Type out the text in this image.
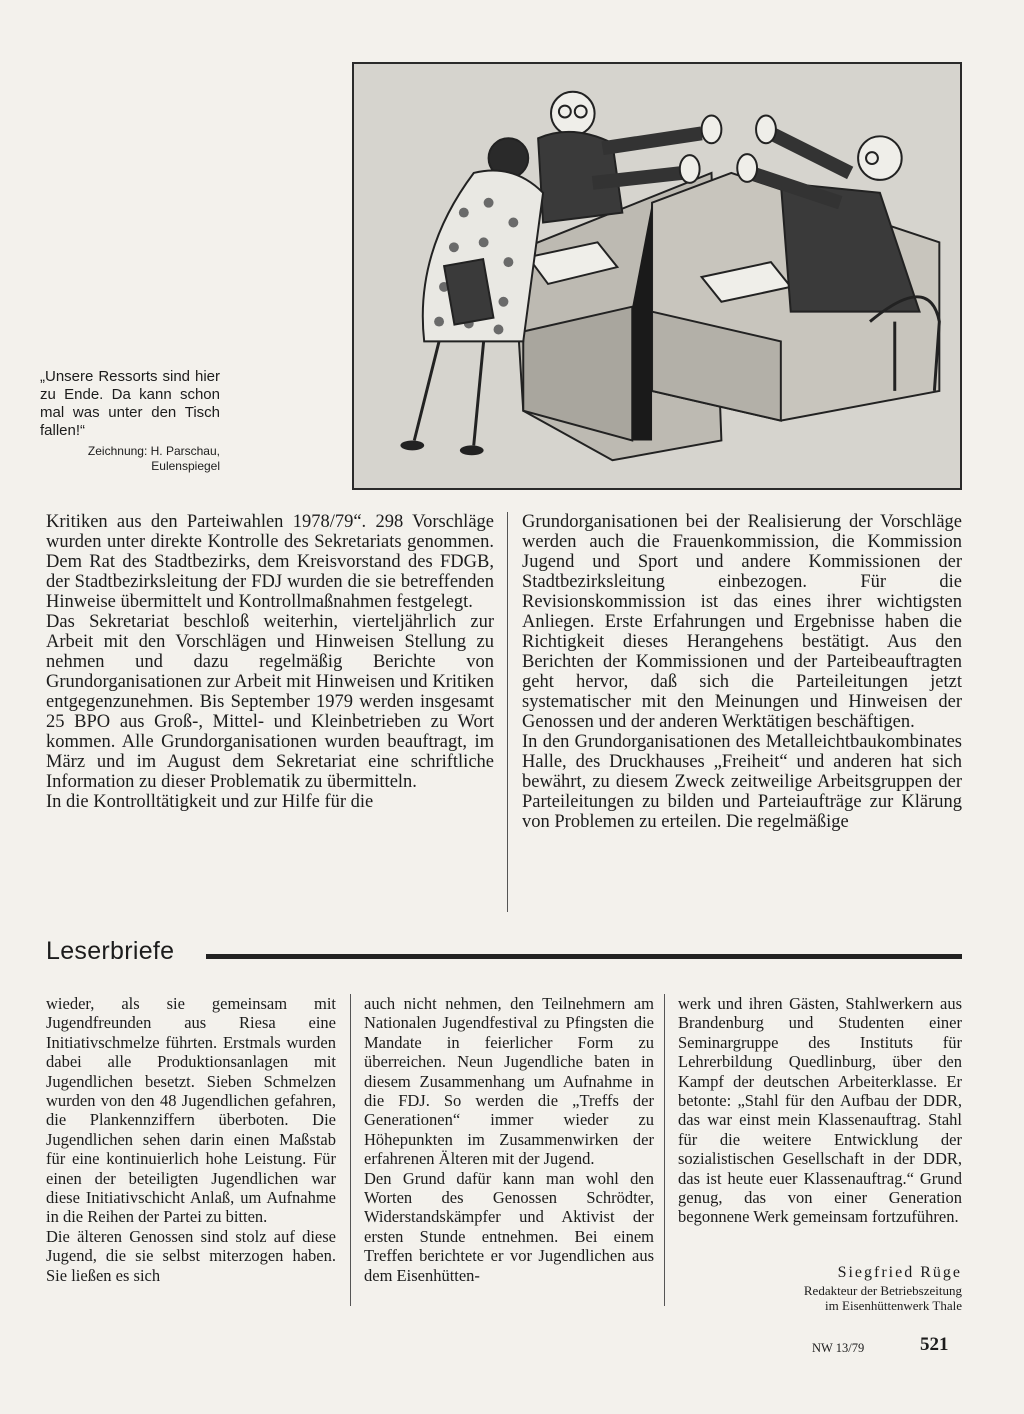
„Unsere Ressorts sind hier zu Ende. Da kann schon mal was unter den Tisch fallen!“

Zeichnung: H. Parschau,
Eulenspiegel

Kritiken aus den Parteiwahlen 1978/79“. 298 Vorschläge wurden unter direkte Kontrolle des Sekretariats genommen. Dem Rat des Stadtbezirks, dem Kreisvorstand des FDGB, der Stadtbezirksleitung der FDJ wurden die sie betreffenden Hinweise übermittelt und Kontrollmaßnahmen festgelegt.

Das Sekretariat beschloß weiterhin, vierteljährlich zur Arbeit mit den Vorschlägen und Hinweisen Stellung zu nehmen und dazu regelmäßig Berichte von Grundorganisationen zur Arbeit mit Hinweisen und Kritiken entgegenzunehmen. Bis September 1979 werden insgesamt 25 BPO aus Groß-, Mittel- und Kleinbetrieben zu Wort kommen. Alle Grundorganisationen wurden beauftragt, im März und im August dem Sekretariat eine schriftliche Information zu dieser Problematik zu übermitteln.

In die Kontrolltätigkeit und zur Hilfe für die

Grundorganisationen bei der Realisierung der Vorschläge werden auch die Frauenkommission, die Kommission Jugend und Sport und andere Kommissionen der Stadtbezirksleitung einbezogen. Für die Revisionskommission ist das eines ihrer wichtigsten Anliegen. Erste Erfahrungen und Ergebnisse haben die Richtigkeit dieses Herangehens bestätigt. Aus den Berichten der Kommissionen und der Parteibeauftragten geht hervor, daß sich die Parteileitungen jetzt systematischer mit den Meinungen und Hinweisen der Genossen und der anderen Werktätigen beschäftigen.

In den Grundorganisationen des Metalleichtbaukombinates Halle, des Druckhauses „Freiheit“ und anderen hat sich bewährt, zu diesem Zweck zeitweilige Arbeitsgruppen der Parteileitungen zu bilden und Parteiaufträge zur Klärung von Problemen zu erteilen. Die regelmäßige

Leserbriefe

wieder, als sie gemeinsam mit Jugendfreunden aus Riesa eine Initiativschmelze führten. Erstmals wurden dabei alle Produktionsanlagen mit Jugendlichen besetzt. Sieben Schmelzen wurden von den 48 Jugendlichen gefahren, die Plankennziffern überboten. Die Jugendlichen sehen darin einen Maßstab für eine kontinuierlich hohe Leistung. Für einen der beteiligten Jugendlichen war diese Initiativschicht Anlaß, um Aufnahme in die Reihen der Partei zu bitten.

Die älteren Genossen sind stolz auf diese Jugend, die sie selbst miterzogen haben. Sie ließen es sich

auch nicht nehmen, den Teilnehmern am Nationalen Jugendfestival zu Pfingsten die Mandate in feierlicher Form zu überreichen. Neun Jugendliche baten in diesem Zusammenhang um Aufnahme in die FDJ. So werden die „Treffs der Generationen“ immer wieder zu Höhepunkten im Zusammenwirken der erfahrenen Älteren mit der Jugend.

Den Grund dafür kann man wohl den Worten des Genossen Schrödter, Widerstandskämpfer und Aktivist der ersten Stunde entnehmen. Bei einem Treffen berichtete er vor Jugendlichen aus dem Eisenhütten-

werk und ihren Gästen, Stahlwerkern aus Brandenburg und Studenten einer Seminargruppe des Instituts für Lehrerbildung Quedlinburg, über den Kampf der deutschen Arbeiterklasse. Er betonte: „Stahl für den Aufbau der DDR, das war einst mein Klassenauftrag. Stahl für die weitere Entwicklung der sozialistischen Gesellschaft in der DDR, das ist heute euer Klassenauftrag.“ Grund genug, das von einer Generation begonnene Werk gemeinsam fortzuführen.

Siegfried Rüge

Redakteur der Betriebszeitung
im Eisenhüttenwerk Thale

NW 13/79	521
